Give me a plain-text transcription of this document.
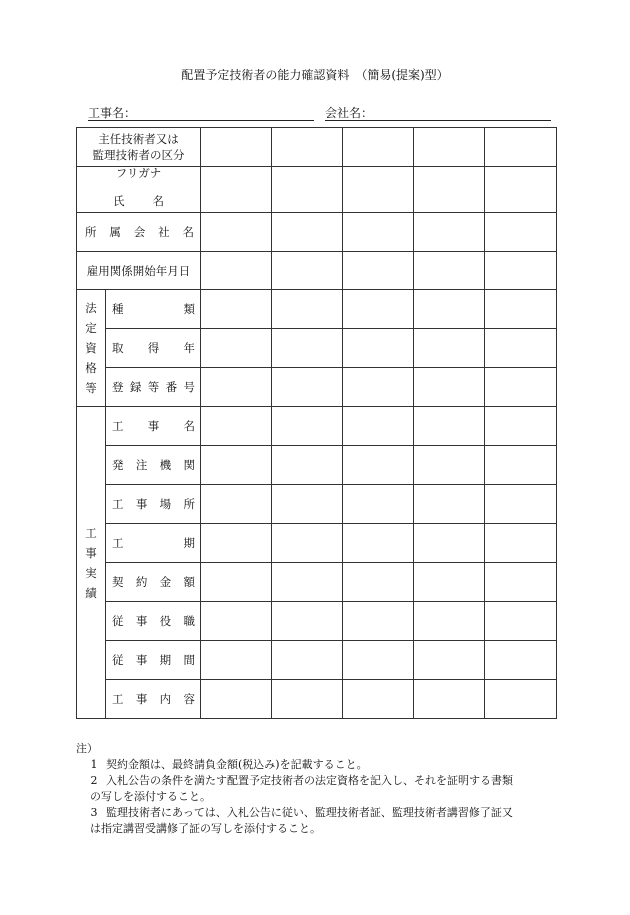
配置予定技術者の能力確認資料　（簡易(提案)型）
工事名：	会社名：
主任技術者又は
監理技術者の区分						

フリガナ
氏 名						

所 属 会 社 名						

雇用関係開始年月日						

法
定
資
格
等	種 類					

	取 得 年					

	登 録 等 番 号					

工
事
実
績	工 事 名					

	発 注 機 関					

	工 事 場 所					

	工 期					

	契 約 金 額					

	従 事 役 職					

	従 事 期 間					

	工 事 内 容					

注）
1 契約金額は、最終請負金額(税込み)を記載すること。
2 入札公告の条件を満たす配置予定技術者の法定資格を記入し、それを証明する書類
の写しを添付すること。
3 監理技術者にあっては、入札公告に従い、監理技術者証、監理技術者講習修了証又
は指定講習受講修了証の写しを添付すること。
